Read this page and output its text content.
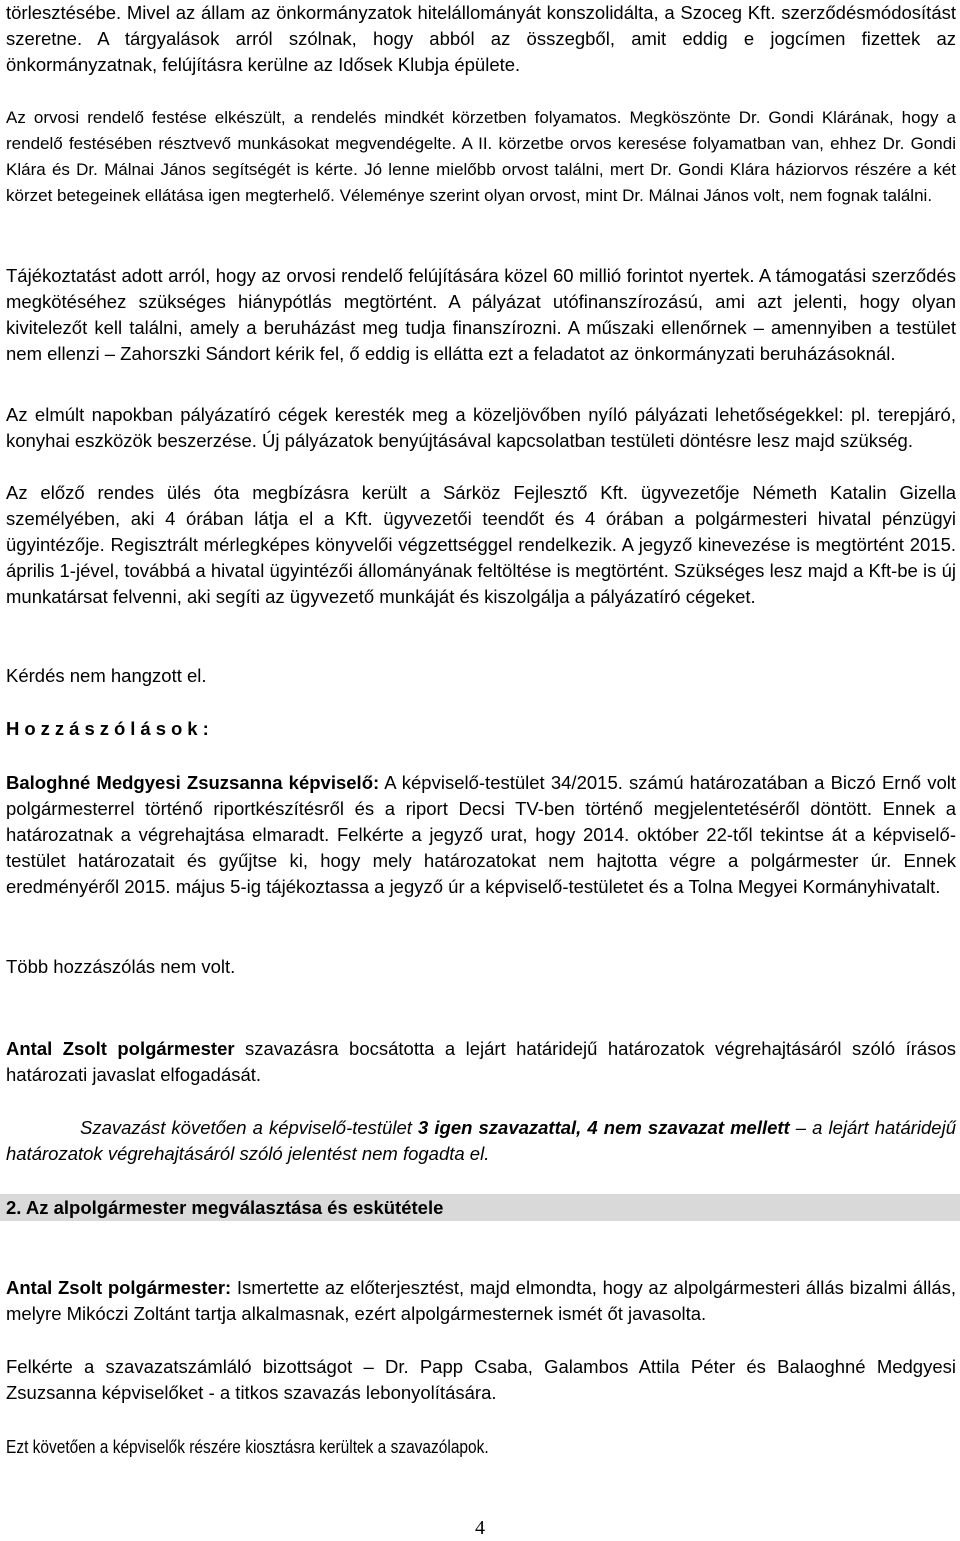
törlesztésébe. Mivel az állam az önkormányzatok hitelállományát konszolidálta, a Szoceg Kft. szerződésmódosítást szeretne. A tárgyalások arról szólnak, hogy abból az összegből, amit eddig e jogcímen fizettek az önkormányzatnak, felújításra kerülne az Idősek Klubja épülete.

Az orvosi rendelő festése elkészült, a rendelés mindkét körzetben folyamatos. Megköszönte Dr. Gondi Klárának, hogy a rendelő festésében résztvevő munkásokat megvendégelte. A II. körzetbe orvos keresése folyamatban van, ehhez Dr. Gondi Klára és Dr. Málnai János segítségét is kérte. Jó lenne mielőbb orvost találni, mert Dr. Gondi Klára háziorvos részére a két körzet betegeinek ellátása igen megterhelő. Véleménye szerint olyan orvost, mint Dr. Málnai János volt, nem fognak találni.

Tájékoztatást adott arról, hogy az orvosi rendelő felújítására közel 60 millió forintot nyertek. A támogatási szerződés megkötéséhez szükséges hiánypótlás megtörtént. A pályázat utófinanszírozású, ami azt jelenti, hogy olyan kivitelezőt kell találni, amely a beruházást meg tudja finanszírozni. A műszaki ellenőrnek – amennyiben a testület nem ellenzi – Zahorszki Sándort kérik fel, ő eddig is ellátta ezt a feladatot az önkormányzati beruházásoknál.

Az elmúlt napokban pályázatíró cégek keresték meg a közeljövőben nyíló pályázati lehetőségekkel: pl. terepjáró, konyhai eszközök beszerzése. Új pályázatok benyújtásával kapcsolatban testületi döntésre lesz majd szükség.

Az előző rendes ülés óta megbízásra került a Sárköz Fejlesztő Kft. ügyvezetője Németh Katalin Gizella személyében, aki 4 órában látja el a Kft. ügyvezetői teendőt és 4 órában a polgármesteri hivatal pénzügyi ügyintézője. Regisztrált mérlegképes könyvelői végzettséggel rendelkezik. A jegyző kinevezése is megtörtént 2015. április 1-jével, továbbá a hivatal ügyintézői állományának feltöltése is megtörtént. Szükséges lesz majd a Kft-be is új munkatársat felvenni, aki segíti az ügyvezető munkáját és kiszolgálja a pályázatíró cégeket.

Kérdés nem hangzott el.

Hozzászólások:

Baloghné Medgyesi Zsuzsanna képviselő: A képviselő-testület 34/2015. számú határozatában a Biczó Ernő volt polgármesterrel történő riportkészítésről és a riport Decsi TV-ben történő megjelentetéséről döntött. Ennek a határozatnak a végrehajtása elmaradt. Felkérte a jegyző urat, hogy 2014. október 22-től tekintse át a képviselő-testület határozatait és gyűjtse ki, hogy mely határozatokat nem hajtotta végre a polgármester úr. Ennek eredményéről 2015. május 5-ig tájékoztassa a jegyző úr a képviselő-testületet és a Tolna Megyei Kormányhivatalt.

Több hozzászólás nem volt.

Antal Zsolt polgármester szavazásra bocsátotta a lejárt határidejű határozatok végrehajtásáról szóló írásos határozati javaslat elfogadását.

Szavazást követően a képviselő-testület 3 igen szavazattal, 4 nem szavazat mellett – a lejárt határidejű határozatok végrehajtásáról szóló jelentést nem fogadta el.

2. Az alpolgármester megválasztása és eskütétele

Antal Zsolt polgármester: Ismertette az előterjesztést, majd elmondta, hogy az alpolgármesteri állás bizalmi állás, melyre Mikóczi Zoltánt tartja alkalmasnak, ezért alpolgármesternek ismét őt javasolta.

Felkérte a szavazatszámláló bizottságot – Dr. Papp Csaba, Galambos Attila Péter és Balaoghné Medgyesi Zsuzsanna képviselőket - a titkos szavazás lebonyolítására.

Ezt követően a képviselők részére kiosztásra kerültek a szavazólapok.

4
